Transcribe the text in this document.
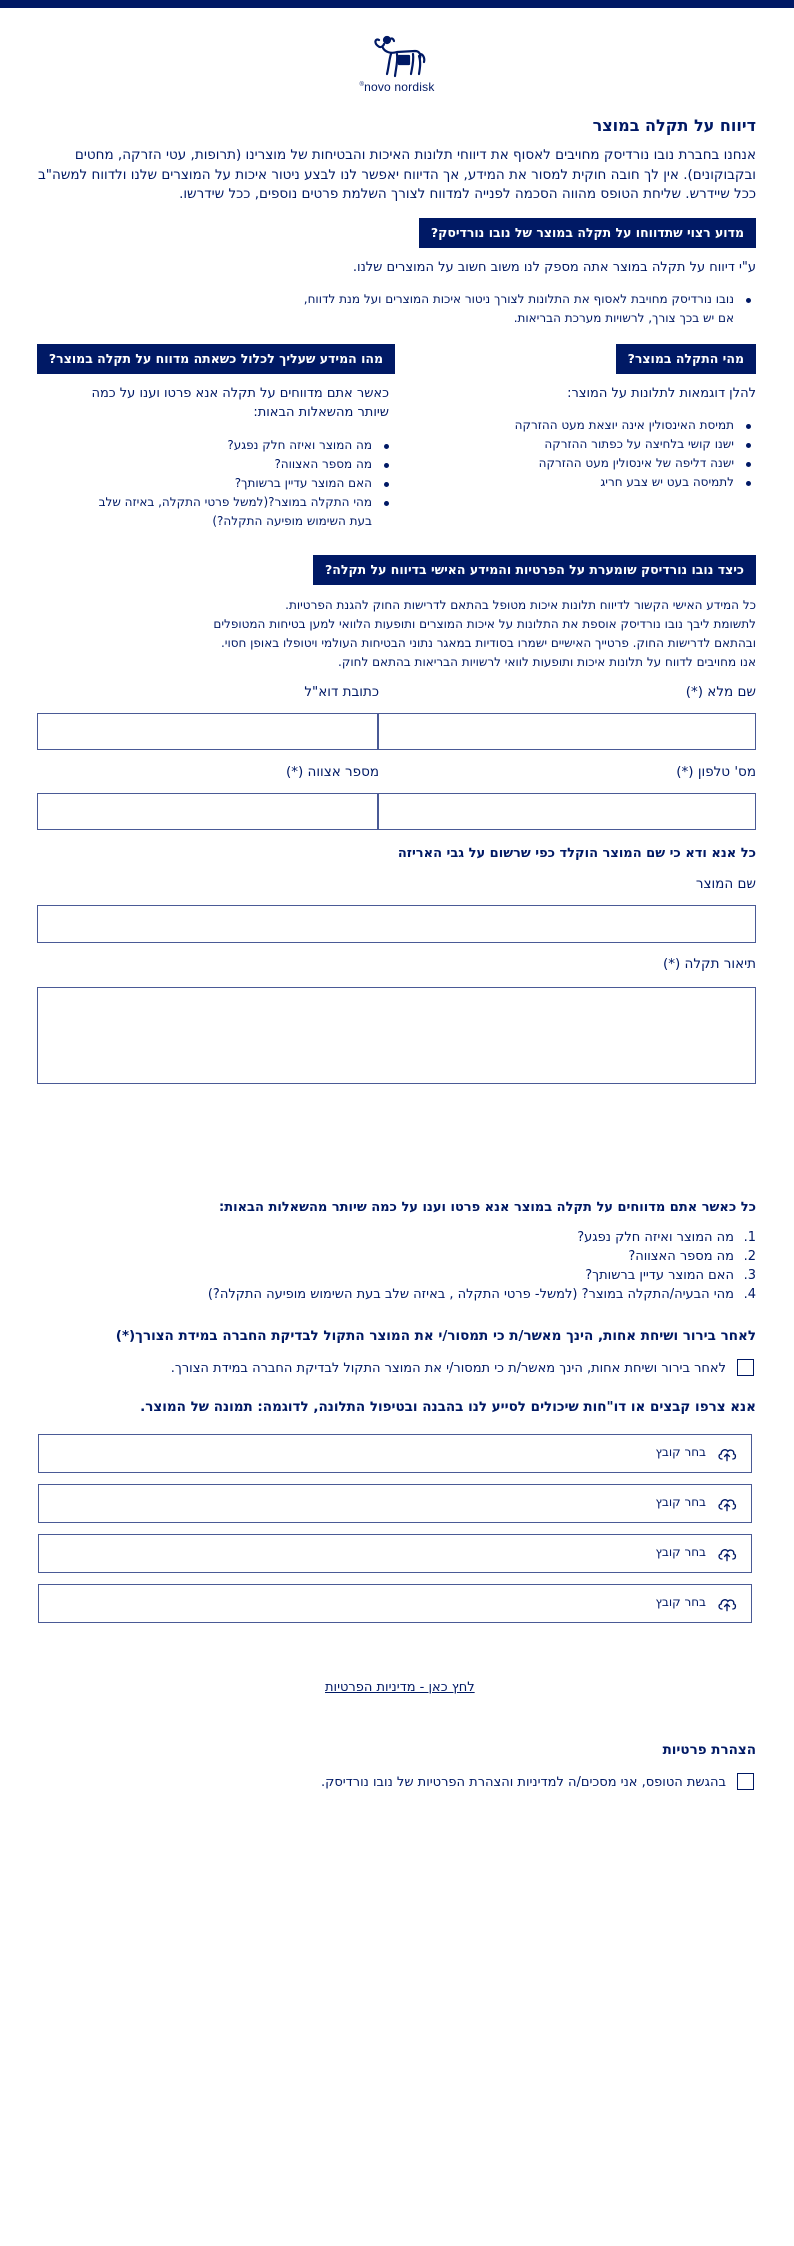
novo nordisk®
דיווח על תקלה במוצר
אנחנו בחברת נובו נורדיסק מחויבים לאסוף את דיווחי תלונות האיכות והבטיחות של מוצרינו (תרופות, עטי הזרקה, מחטים ובקבוקונים). אין לך חובה חוקית למסור את המידע, אך הדיווח יאפשר לנו לבצע ניטור איכות על המוצרים שלנו ולדווח למשה"ב ככל שיידרש. שליחת הטופס מהווה הסכמה לפנייה למדווח לצורך השלמת פרטים נוספים, ככל שידרשו.
מדוע רצוי שתדווחו על תקלה במוצר של נובו נורדיסק?
ע"י דיווח על תקלה במוצר אתה מספק לנו משוב חשוב על המוצרים שלנו.
נובו נורדיסק מחויבת לאסוף את התלונות לצורך ניטור איכות המוצרים ועל מנת לדווח,
אם יש בכך צורך, לרשויות מערכת הבריאות.
מהי התקלה במוצר?
להלן דוגמאות לתלונות על המוצר:
תמיסת האינסולין אינה יוצאת מעט ההזרקה
ישנו קושי בלחיצה על כפתור ההזרקה
ישנה דליפה של אינסולין מעט ההזרקה
לתמיסה בעט יש צבע חריג
מהו המידע שעליך לכלול כשאתה מדווח על תקלה במוצר?
כאשר אתם מדווחים על תקלה אנא פרטו וענו על כמה
שיותר מהשאלות הבאות:
מה המוצר ואיזה חלק נפגע?
מה מספר האצווה?
האם המוצר עדיין ברשותך?
מהי התקלה במוצר?(למשל פרטי התקלה, באיזה שלב
בעת השימוש מופיעה התקלה?)
כיצד נובו נורדיסק שומערת על הפרטיות והמידע האישי בדיווח על תקלה?
כל המידע האישי הקשור לדיווח תלונות איכות מטופל בהתאם לדרישות החוק להגנת הפרטיות.
לתשומת ליבך נובו נורדיסק אוספת את התלונות על איכות המוצרים ותופעות הלוואי למען בטיחות המטופלים
ובהתאם לדרישות החוק. פרטייך האישיים ישמרו בסודיות במאגר נתוני הבטיחות העולמי ויטופלו באופן חסוי.
אנו מחויבים לדווח על תלונות איכות ותופעות לוואי לרשויות הבריאות בהתאם לחוק.
שם מלא (*)
כתובת דוא"ל
מס' טלפון (*)
מספר אצווה (*)
כל אנא ודא כי שם המוצר הוקלד כפי שרשום על גבי האריזה
שם המוצר
תיאור תקלה (*)
כל כאשר אתם מדווחים על תקלה במוצר אנא פרטו וענו על כמה שיותר מהשאלות הבאות:
1.
מה המוצר ואיזה חלק נפגע?
2.
מה מספר האצווה?
3.
האם המוצר עדיין ברשותך?
4.
מהי הבעיה/התקלה במוצר? (למשל- פרטי התקלה , באיזה שלב בעת השימוש מופיעה התקלה?)
לאחר בירור ושיחת אחות, הינך מאשר/ת כי תמסור/י את המוצר התקול לבדיקת החברה במידת הצורך(*)
לאחר בירור ושיחת אחות, הינך מאשר/ת כי תמסור/י את המוצר התקול לבדיקת החברה במידת הצורך.
אנא צרפו קבצים או דו"חות שיכולים לסייע לנו בהבנה ובטיפול התלונה, לדוגמה: תמונה של המוצר.
בחר קובץ
בחר קובץ
בחר קובץ
בחר קובץ
לחץ כאן - מדיניות הפרטיות
הצהרת פרטיות
בהגשת הטופס, אני מסכים/ה למדיניות והצהרת הפרטיות של נובו נורדיסק.
